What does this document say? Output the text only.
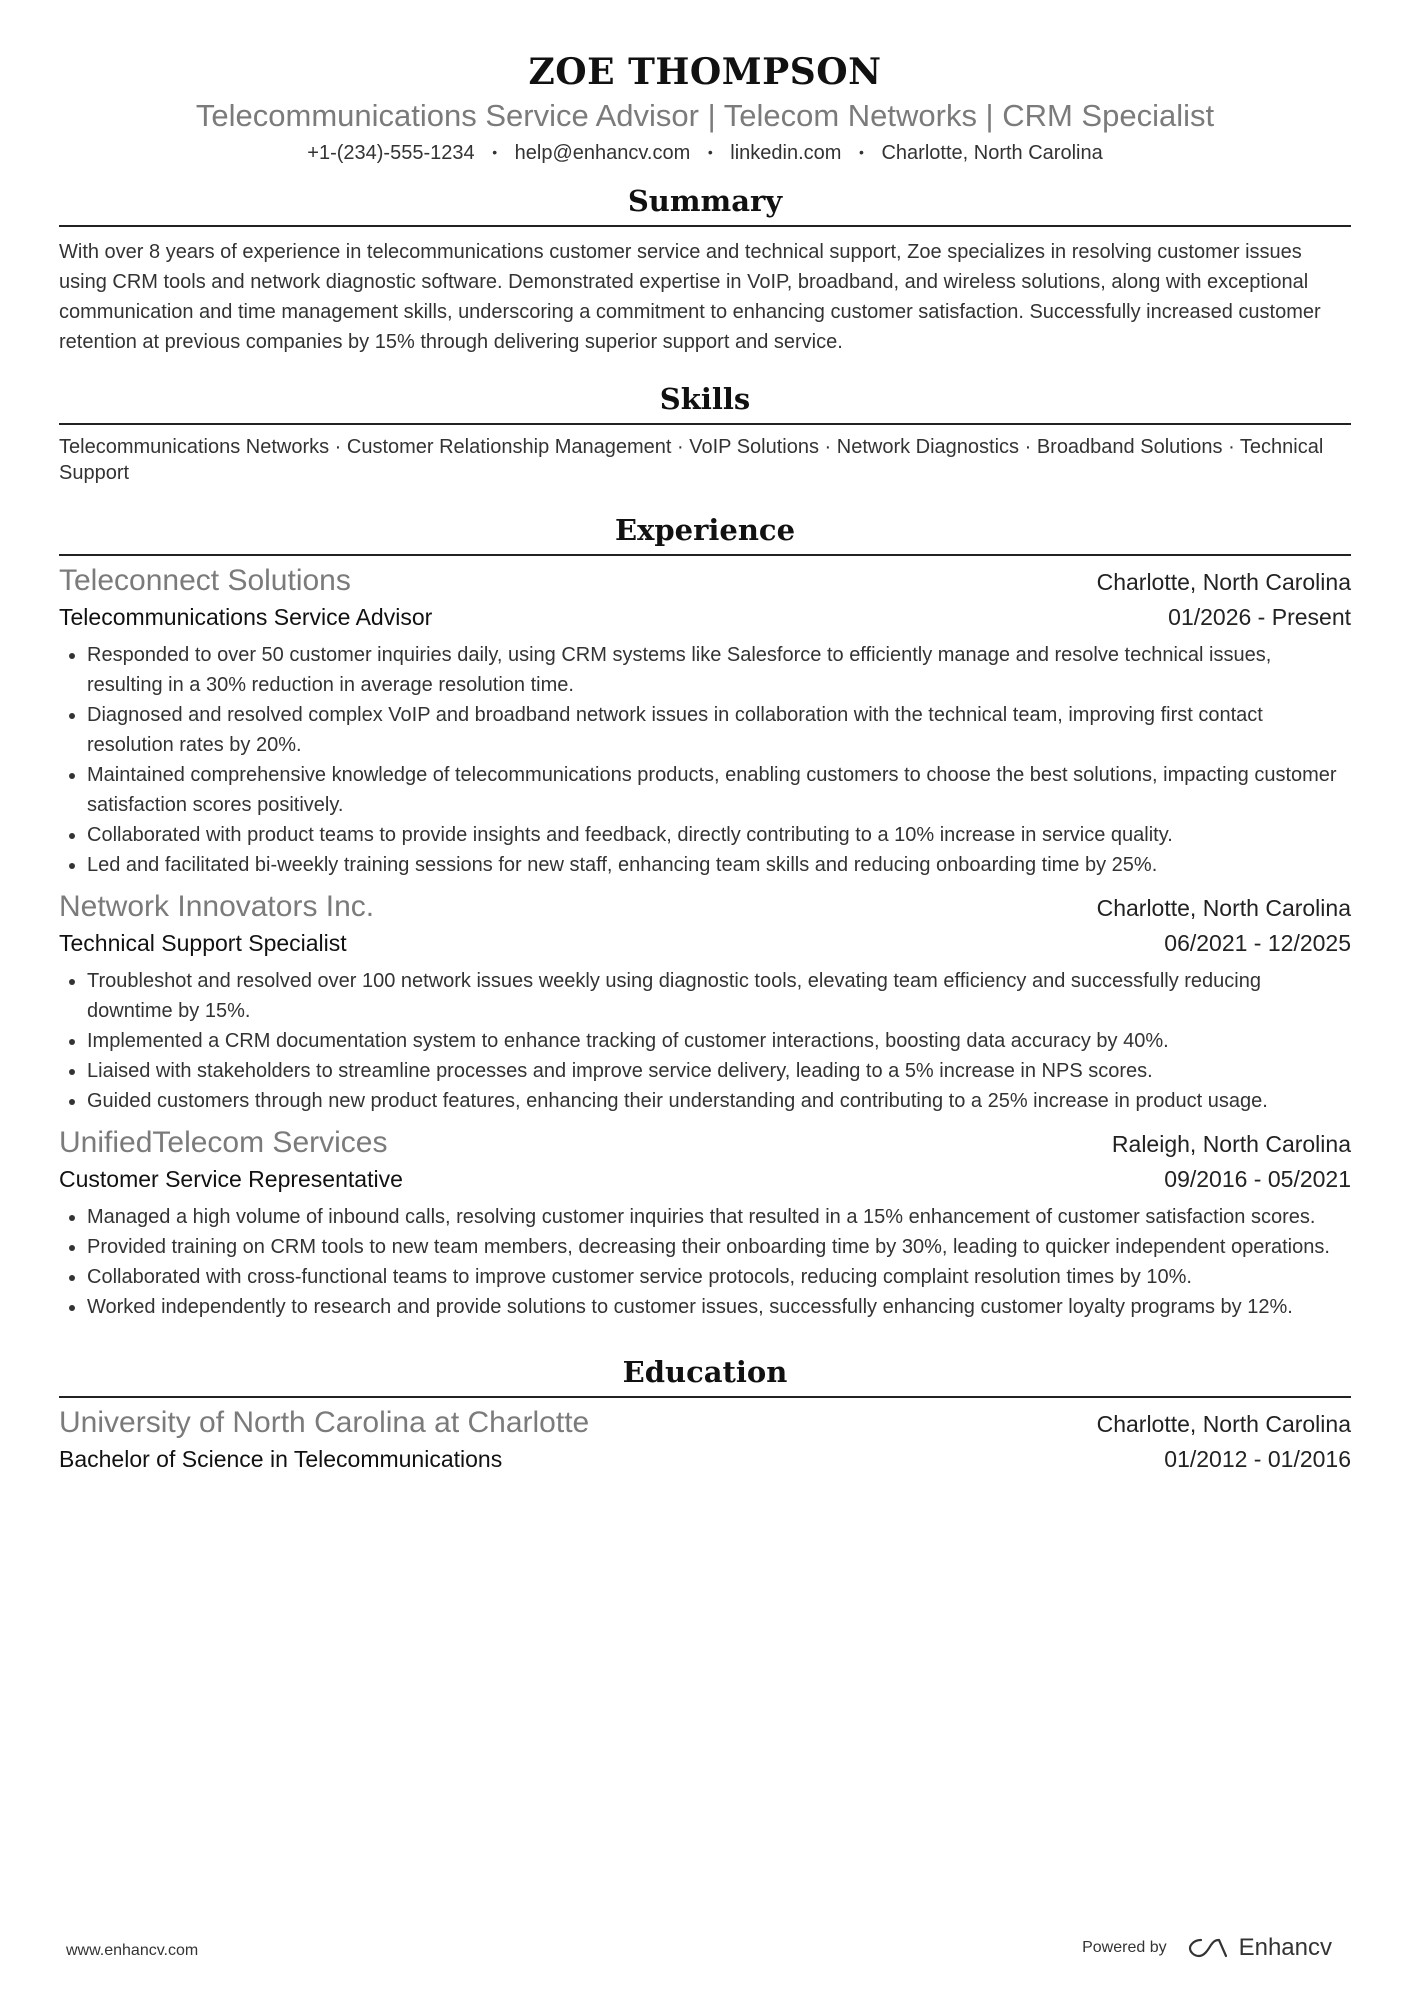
ZOE THOMPSON
Telecommunications Service Advisor | Telecom Networks | CRM Specialist
+1-(234)-555-1234 • help@enhancv.com • linkedin.com • Charlotte, North Carolina
Summary
With over 8 years of experience in telecommunications customer service and technical support, Zoe specializes in resolving customer issues using CRM tools and network diagnostic software. Demonstrated expertise in VoIP, broadband, and wireless solutions, along with exceptional communication and time management skills, underscoring a commitment to enhancing customer satisfaction. Successfully increased customer retention at previous companies by 15% through delivering superior support and service.
Skills
Telecommunications Networks · Customer Relationship Management · VoIP Solutions · Network Diagnostics · Broadband Solutions · Technical Support
Experience
Teleconnect Solutions	Charlotte, North Carolina
Telecommunications Service Advisor	01/2026 - Present
• Responded to over 50 customer inquiries daily, using CRM systems like Salesforce to efficiently manage and resolve technical issues, resulting in a 30% reduction in average resolution time.
• Diagnosed and resolved complex VoIP and broadband network issues in collaboration with the technical team, improving first contact resolution rates by 20%.
• Maintained comprehensive knowledge of telecommunications products, enabling customers to choose the best solutions, impacting customer satisfaction scores positively.
• Collaborated with product teams to provide insights and feedback, directly contributing to a 10% increase in service quality.
• Led and facilitated bi-weekly training sessions for new staff, enhancing team skills and reducing onboarding time by 25%.
Network Innovators Inc.	Charlotte, North Carolina
Technical Support Specialist	06/2021 - 12/2025
• Troubleshot and resolved over 100 network issues weekly using diagnostic tools, elevating team efficiency and successfully reducing downtime by 15%.
• Implemented a CRM documentation system to enhance tracking of customer interactions, boosting data accuracy by 40%.
• Liaised with stakeholders to streamline processes and improve service delivery, leading to a 5% increase in NPS scores.
• Guided customers through new product features, enhancing their understanding and contributing to a 25% increase in product usage.
UnifiedTelecom Services	Raleigh, North Carolina
Customer Service Representative	09/2016 - 05/2021
• Managed a high volume of inbound calls, resolving customer inquiries that resulted in a 15% enhancement of customer satisfaction scores.
• Provided training on CRM tools to new team members, decreasing their onboarding time by 30%, leading to quicker independent operations.
• Collaborated with cross-functional teams to improve customer service protocols, reducing complaint resolution times by 10%.
• Worked independently to research and provide solutions to customer issues, successfully enhancing customer loyalty programs by 12%.
Education
University of North Carolina at Charlotte	Charlotte, North Carolina
Bachelor of Science in Telecommunications	01/2012 - 01/2016
www.enhancv.com	Powered by	Enhancv
